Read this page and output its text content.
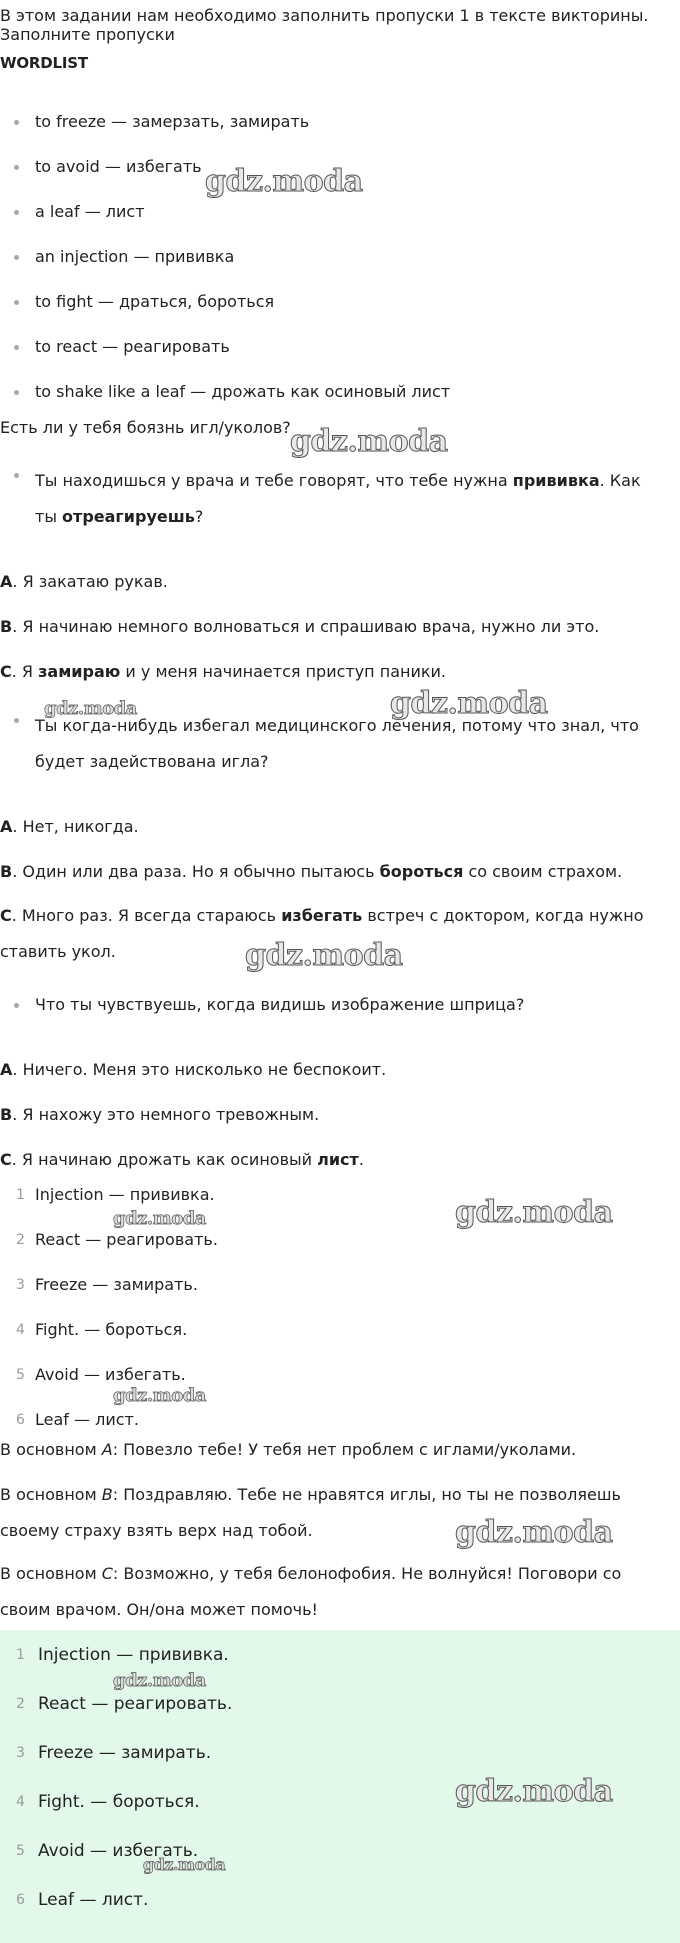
В этом задании нам необходимо заполнить пропуски 1 в тексте викторины.
Заполните пропуски
WORDLIST
to freeze — замерзать, замирать
to avoid — избегать
a leaf — лист
an injection — прививка
to fight — драться, бороться
to react — реагировать
to shake like a leaf — дрожать как осиновый лист
Есть ли у тебя боязнь игл/уколов?
Ты находишься у врача и тебе говорят, что тебе нужна прививка. Как ты отреагируешь?
A. Я закатаю рукав.
B. Я начинаю немного волноваться и спрашиваю врача, нужно ли это.
C. Я замираю и у меня начинается приступ паники.
Ты когда-нибудь избегал медицинского лечения, потому что знал, что будет задействована игла?
A. Нет, никогда.
B. Один или два раза. Но я обычно пытаюсь бороться со своим страхом.
C. Много раз. Я всегда стараюсь избегать встреч с доктором, когда нужно ставить укол.
Что ты чувствуешь, когда видишь изображение шприца?
A. Ничего. Меня это нисколько не беспокоит.
B. Я нахожу это немного тревожным.
C. Я начинаю дрожать как осиновый лист.
1 Injection — прививка.
2 React — реагировать.
3 Freeze — замирать.
4 Fight. — бороться.
5 Avoid — избегать.
6 Leaf — лист.
В основном A: Повезло тебе! У тебя нет проблем с иглами/уколами.
В основном B: Поздравляю. Тебе не нравятся иглы, но ты не позволяешь своему страху взять верх над тобой.
В основном C: Возможно, у тебя белонофобия. Не волнуйся! Поговори со своим врачом. Он/она может помочь!
1 Injection — прививка.
2 React — реагировать.
3 Freeze — замирать.
4 Fight. — бороться.
5 Avoid — избегать.
6 Leaf — лист.
gdz.moda
gdz.moda
gdz.moda	gdz.moda
gdz.moda
gdz.moda	gdz.moda
gdz.moda
gdz.moda
gdz.moda
gdz.moda
gdz.moda
